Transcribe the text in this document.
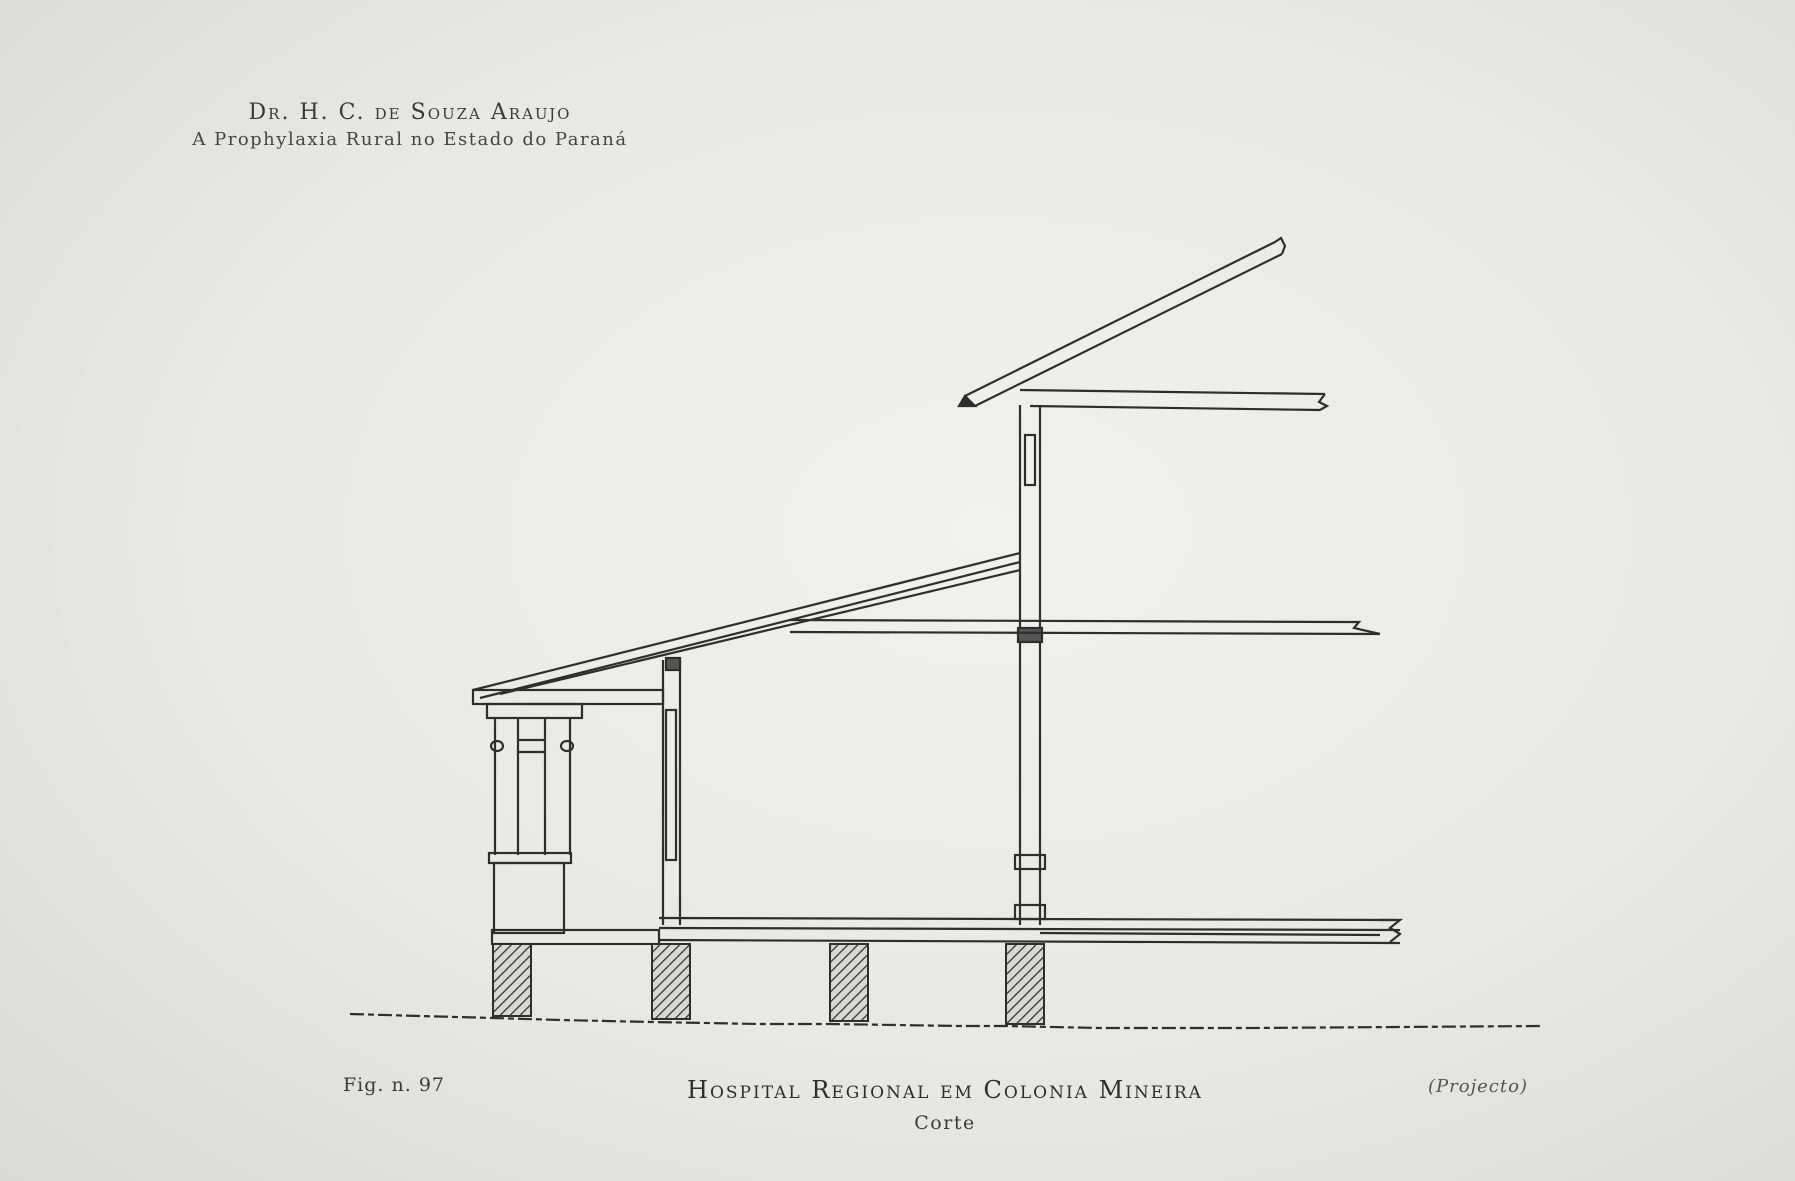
Dr. H. C. de Souza Araujo
A Prophylaxia Rural no Estado do Paraná
Fig. n. 97	Hospital Regional em Colonia Mineira
Corte
(Projecto)
